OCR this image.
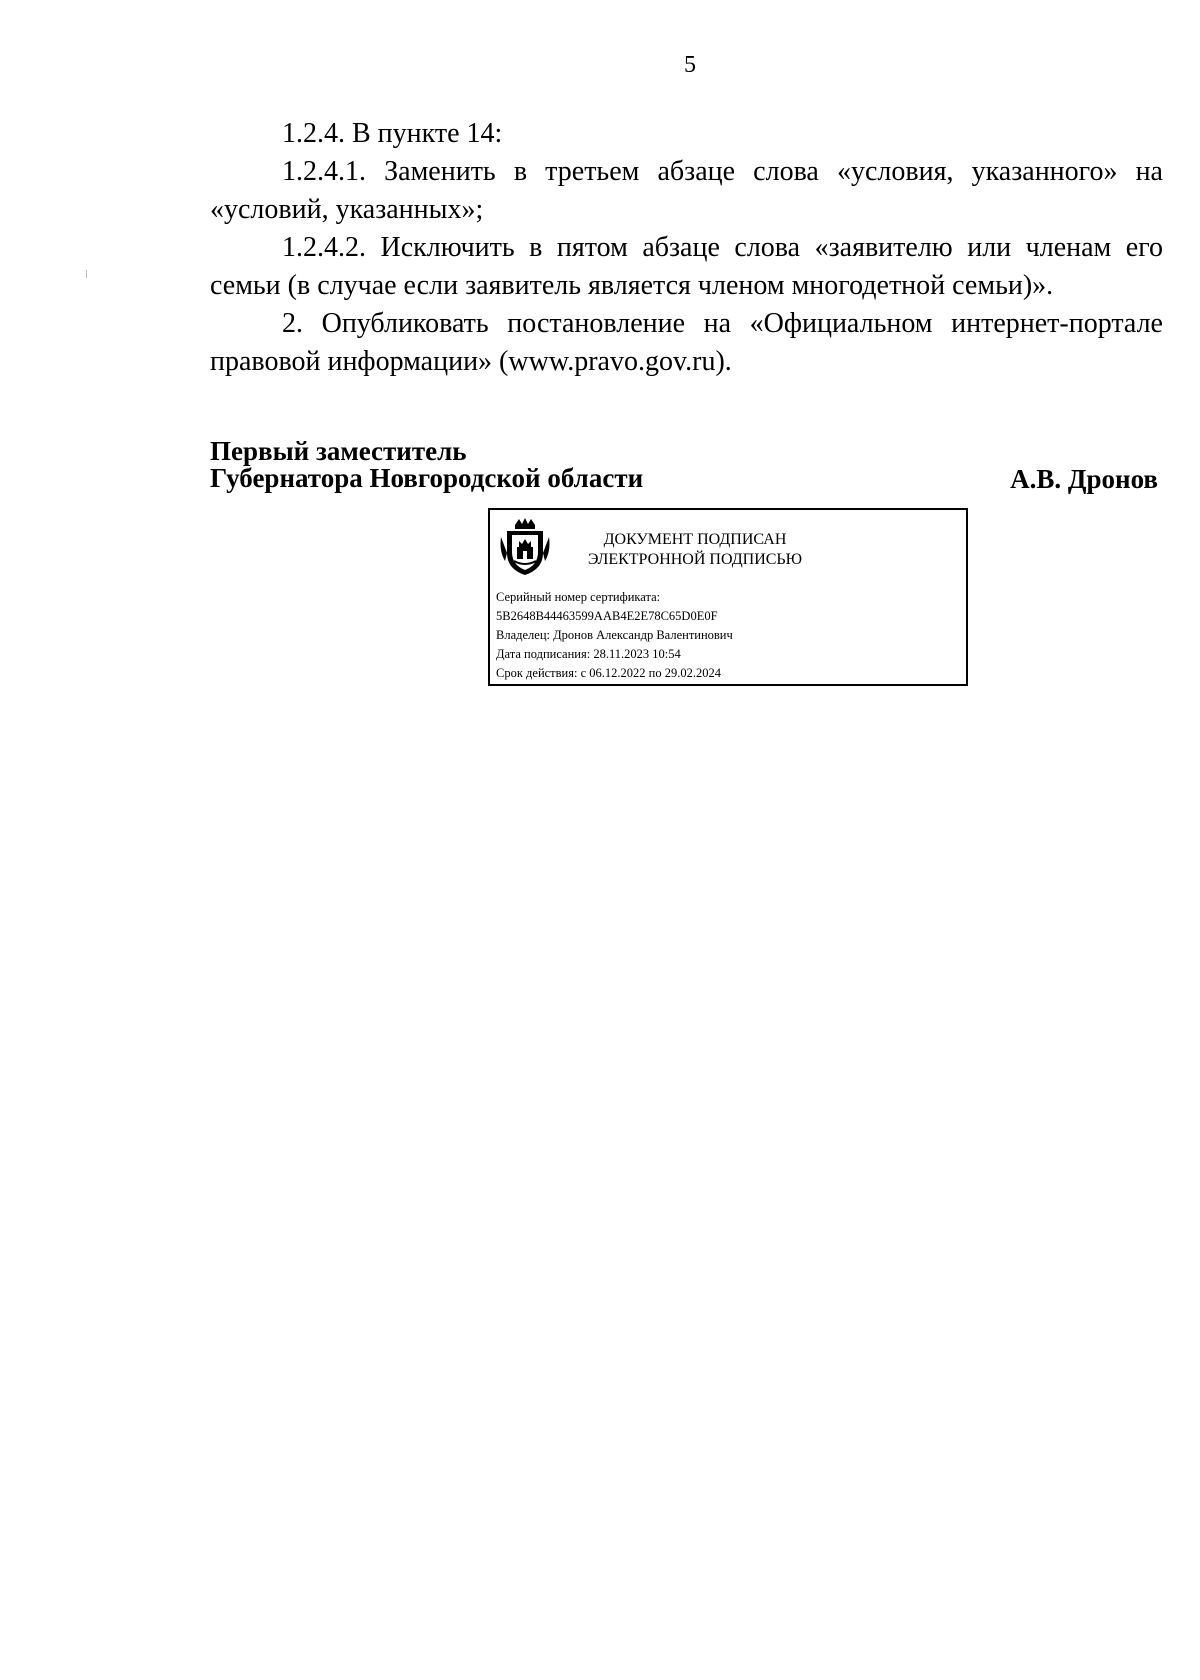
5

1.2.4. В пункте 14:

1.2.4.1. Заменить в третьем абзаце слова «условия, указанного» на «условий, указанных»;

1.2.4.2. Исключить в пятом абзаце слова «заявителю или членам его семьи (в случае если заявитель является членом многодетной семьи)».

2. Опубликовать постановление на «Официальном интернет-портале правовой информации» (www.pravo.gov.ru).

Первый заместитель
Губернатора Новгородской области	А.В. Дронов
ДОКУМЕНТ ПОДПИСАН
ЭЛЕКТРОННОЙ ПОДПИСЬЮ
Серийный номер сертификата:
5B2648B44463599AAB4E2E78C65D0E0F
Владелец: Дронов Александр Валентинович
Дата подписания: 28.11.2023 10:54
Срок действия: с 06.12.2022 по 29.02.2024
